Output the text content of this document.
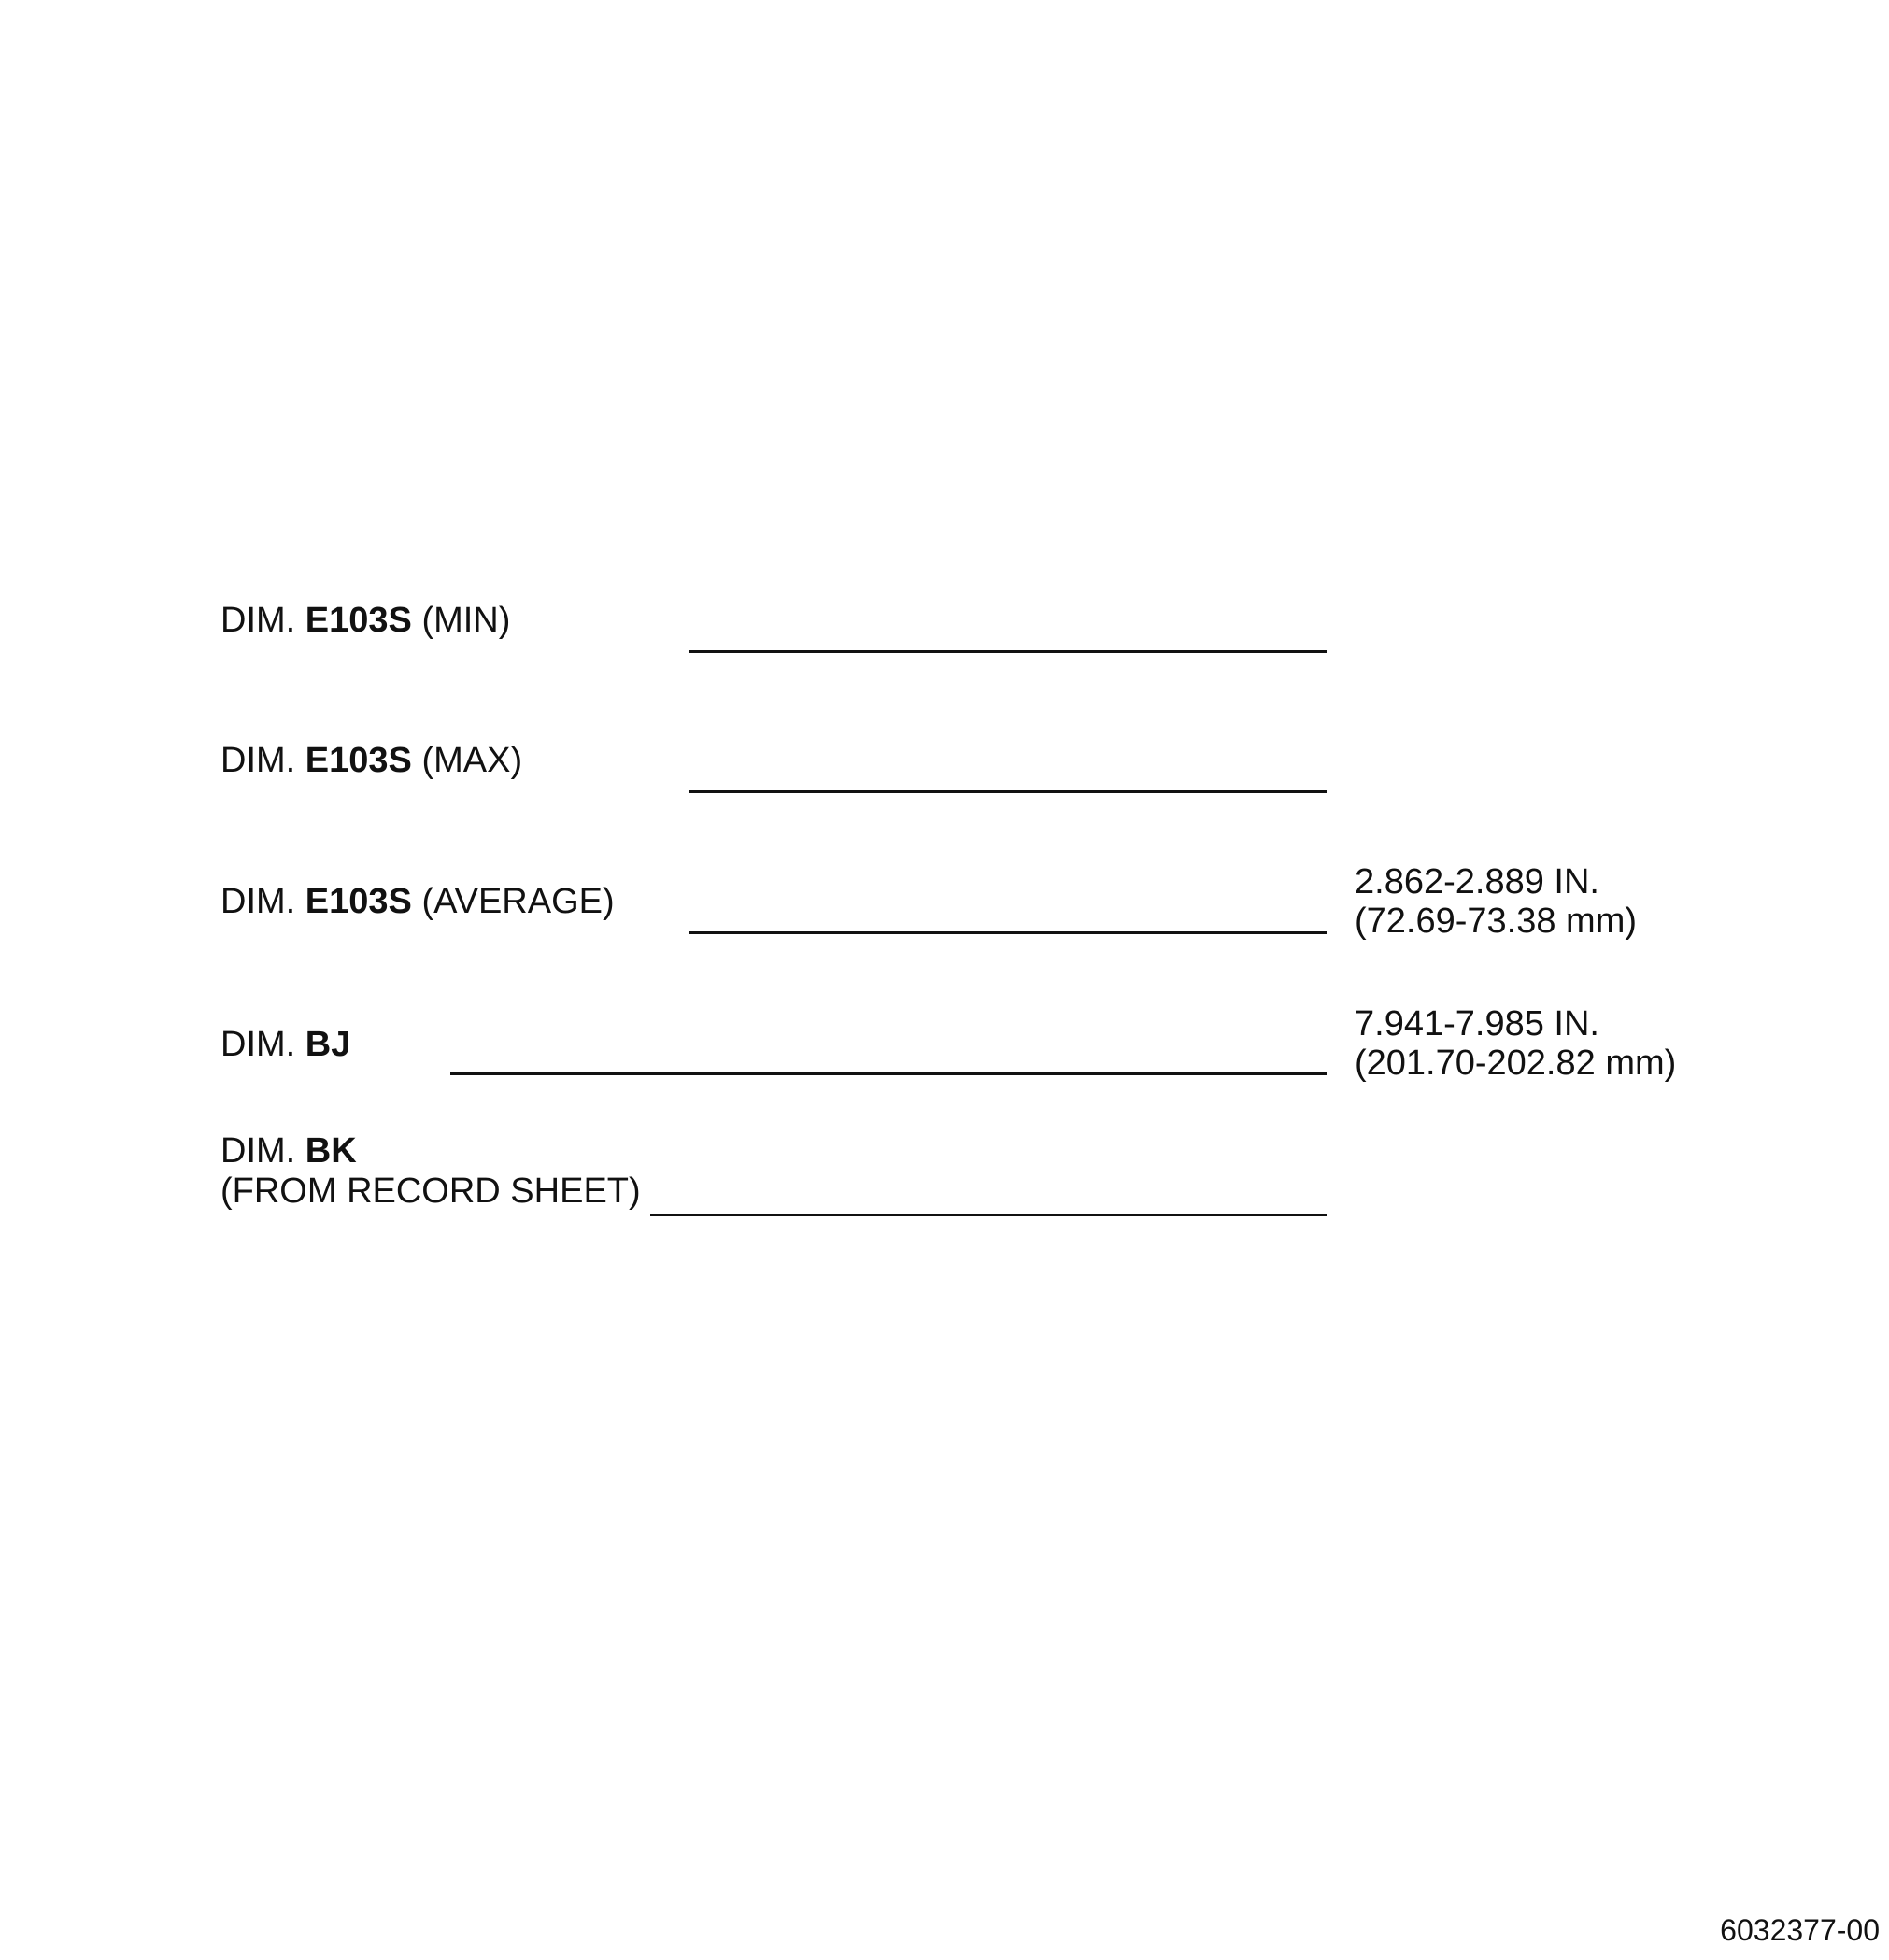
DIM. E103S (MIN)
DIM. E103S (MAX)
DIM. E103S (AVERAGE)	2.862-2.889 IN.
(72.69-73.38 mm)
DIM. BJ
7.941-7.985 IN.
(201.70-202.82 mm)
DIM. BK
(FROM RECORD SHEET)
6032377-00
